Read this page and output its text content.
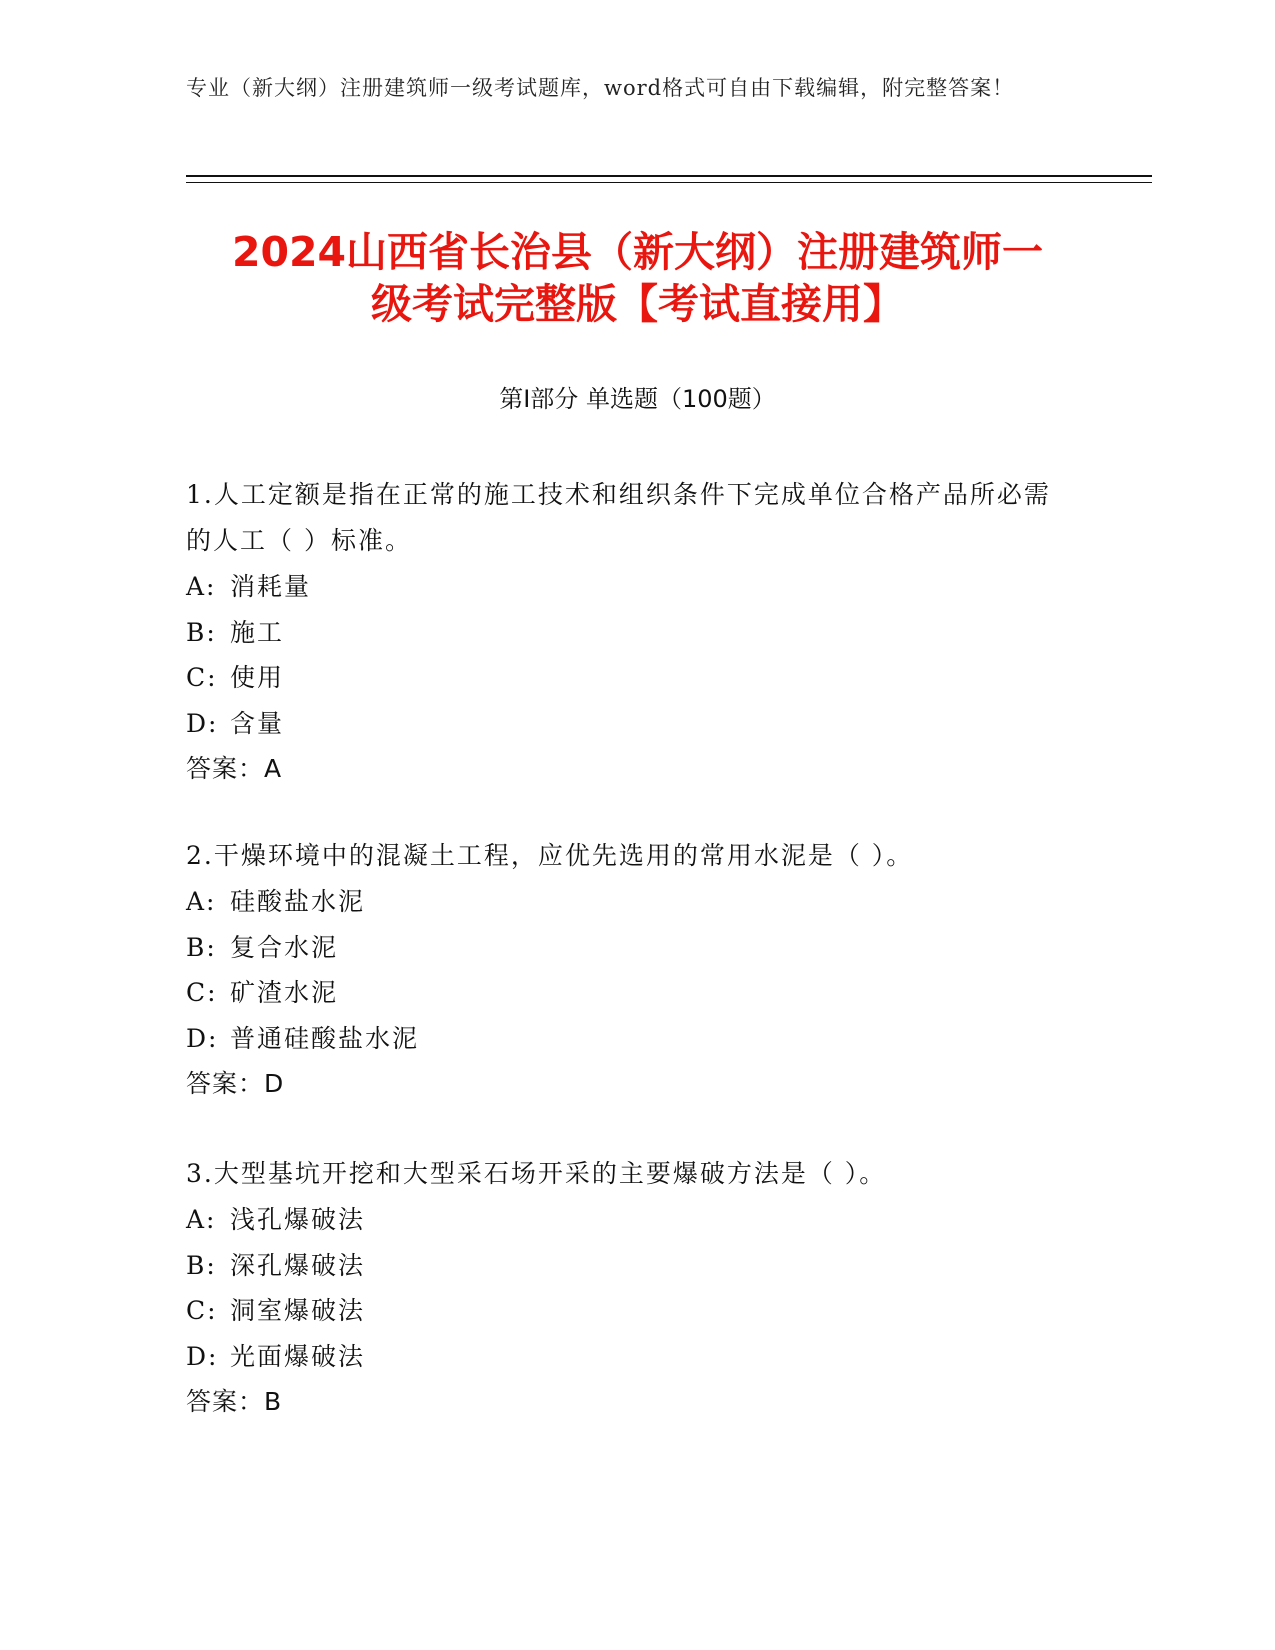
专业（新大纲）注册建筑师一级考试题库，word格式可自由下载编辑，附完整答案！
2024山西省长治县（新大纲）注册建筑师一
级考试完整版【考试直接用】
第Ⅰ部分 单选题（100题）
1.人工定额是指在正常的施工技术和组织条件下完成单位合格产品所必需的人工（ ）标准。
A: 消耗量
B: 施工
C: 使用
D: 含量
答案：A
2.干燥环境中的混凝土工程，应优先选用的常用水泥是（ ）。
A: 硅酸盐水泥
B: 复合水泥
C: 矿渣水泥
D: 普通硅酸盐水泥
答案：D
3.大型基坑开挖和大型采石场开采的主要爆破方法是（ ）。
A: 浅孔爆破法
B: 深孔爆破法
C: 洞室爆破法
D: 光面爆破法
答案：B
